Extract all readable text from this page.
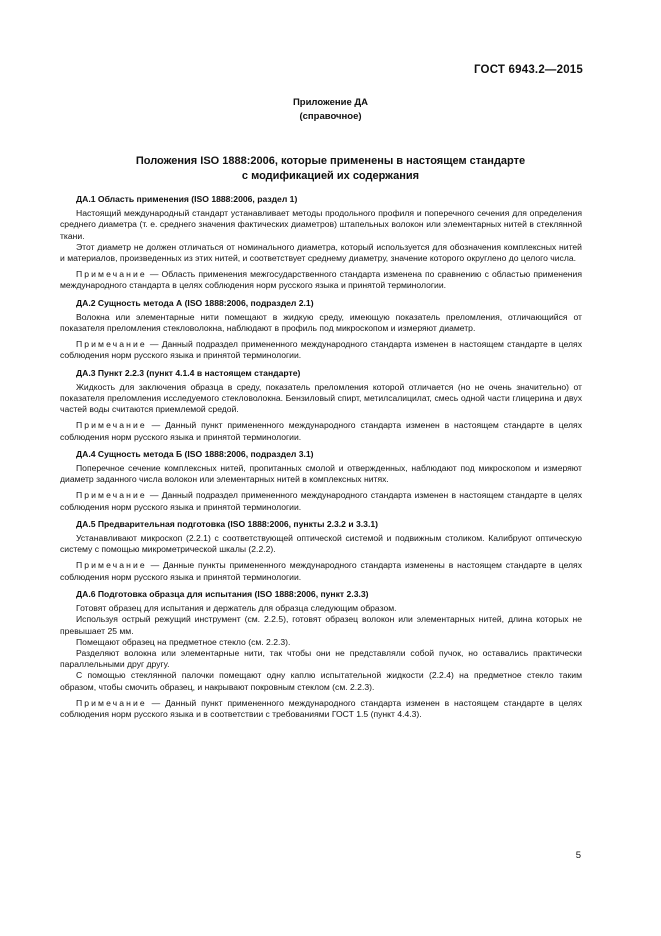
ГОСТ 6943.2—2015
Приложение ДА
(справочное)
Положения ISO 1888:2006, которые применены в настоящем стандарте
с модификацией их содержания

ДА.1 Область применения (ISO 1888:2006, раздел 1)

Настоящий международный стандарт устанавливает методы продольного профиля и поперечного сечения для определения среднего диаметра (т. е. среднего значения фактических диаметров) штапельных волокон или элементарных нитей в стеклянной ткани.

Этот диаметр не должен отличаться от номинального диаметра, который используется для обозначения комплексных нитей и материалов, произведенных из этих нитей, и соответствует среднему диаметру, значение которого округлено до целого числа.

Примечание — Область применения межгосударственного стандарта изменена по сравнению с областью применения международного стандарта в целях соблюдения норм русского языка и принятой терминологии.

ДА.2 Сущность метода А (ISO 1888:2006, подраздел 2.1)

Волокна или элементарные нити помещают в жидкую среду, имеющую показатель преломления, отличающийся от показателя преломления стекловолокна, наблюдают в профиль под микроскопом и измеряют диаметр.

Примечание — Данный подраздел примененного международного стандарта изменен в настоящем стандарте в целях соблюдения норм русского языка и принятой терминологии.

ДА.3 Пункт 2.2.3 (пункт 4.1.4 в настоящем стандарте)

Жидкость для заключения образца в среду, показатель преломления которой отличается (но не очень значительно) от показателя преломления исследуемого стекловолокна. Бензиловый спирт, метилсалицилат, смесь одной части глицерина и двух частей воды считаются приемлемой средой.

Примечание — Данный пункт примененного международного стандарта изменен в настоящем стандарте в целях соблюдения норм русского языка и принятой терминологии.

ДА.4 Сущность метода Б (ISO 1888:2006, подраздел 3.1)

Поперечное сечение комплексных нитей, пропитанных смолой и отвержденных, наблюдают под микроскопом и измеряют диаметр заданного числа волокон или элементарных нитей в комплексных нитях.

Примечание — Данный подраздел примененного международного стандарта изменен в настоящем стандарте в целях соблюдения норм русского языка и принятой терминологии.

ДА.5 Предварительная подготовка (ISO 1888:2006, пункты 2.3.2 и 3.3.1)

Устанавливают микроскоп (2.2.1) с соответствующей оптической системой и подвижным столиком. Калибруют оптическую систему с помощью микрометрической шкалы (2.2.2).

Примечание — Данные пункты примененного международного стандарта изменены в настоящем стандарте в целях соблюдения норм русского языка и принятой терминологии.

ДА.6 Подготовка образца для испытания (ISO 1888:2006, пункт 2.3.3)

Готовят образец для испытания и держатель для образца следующим образом.

Используя острый режущий инструмент (см. 2.2.5), готовят образец волокон или элементарных нитей, длина которых не превышает 25 мм.

Помещают образец на предметное стекло (см. 2.2.3).

Разделяют волокна или элементарные нити, так чтобы они не представляли собой пучок, но оставались практически параллельными друг другу.

С помощью стеклянной палочки помещают одну каплю испытательной жидкости (2.2.4) на предметное стекло таким образом, чтобы смочить образец, и накрывают покровным стеклом (см. 2.2.3).

Примечание — Данный пункт примененного международного стандарта изменен в настоящем стандарте в целях соблюдения норм русского языка и в соответствии с требованиями ГОСТ 1.5 (пункт 4.4.3).

5
